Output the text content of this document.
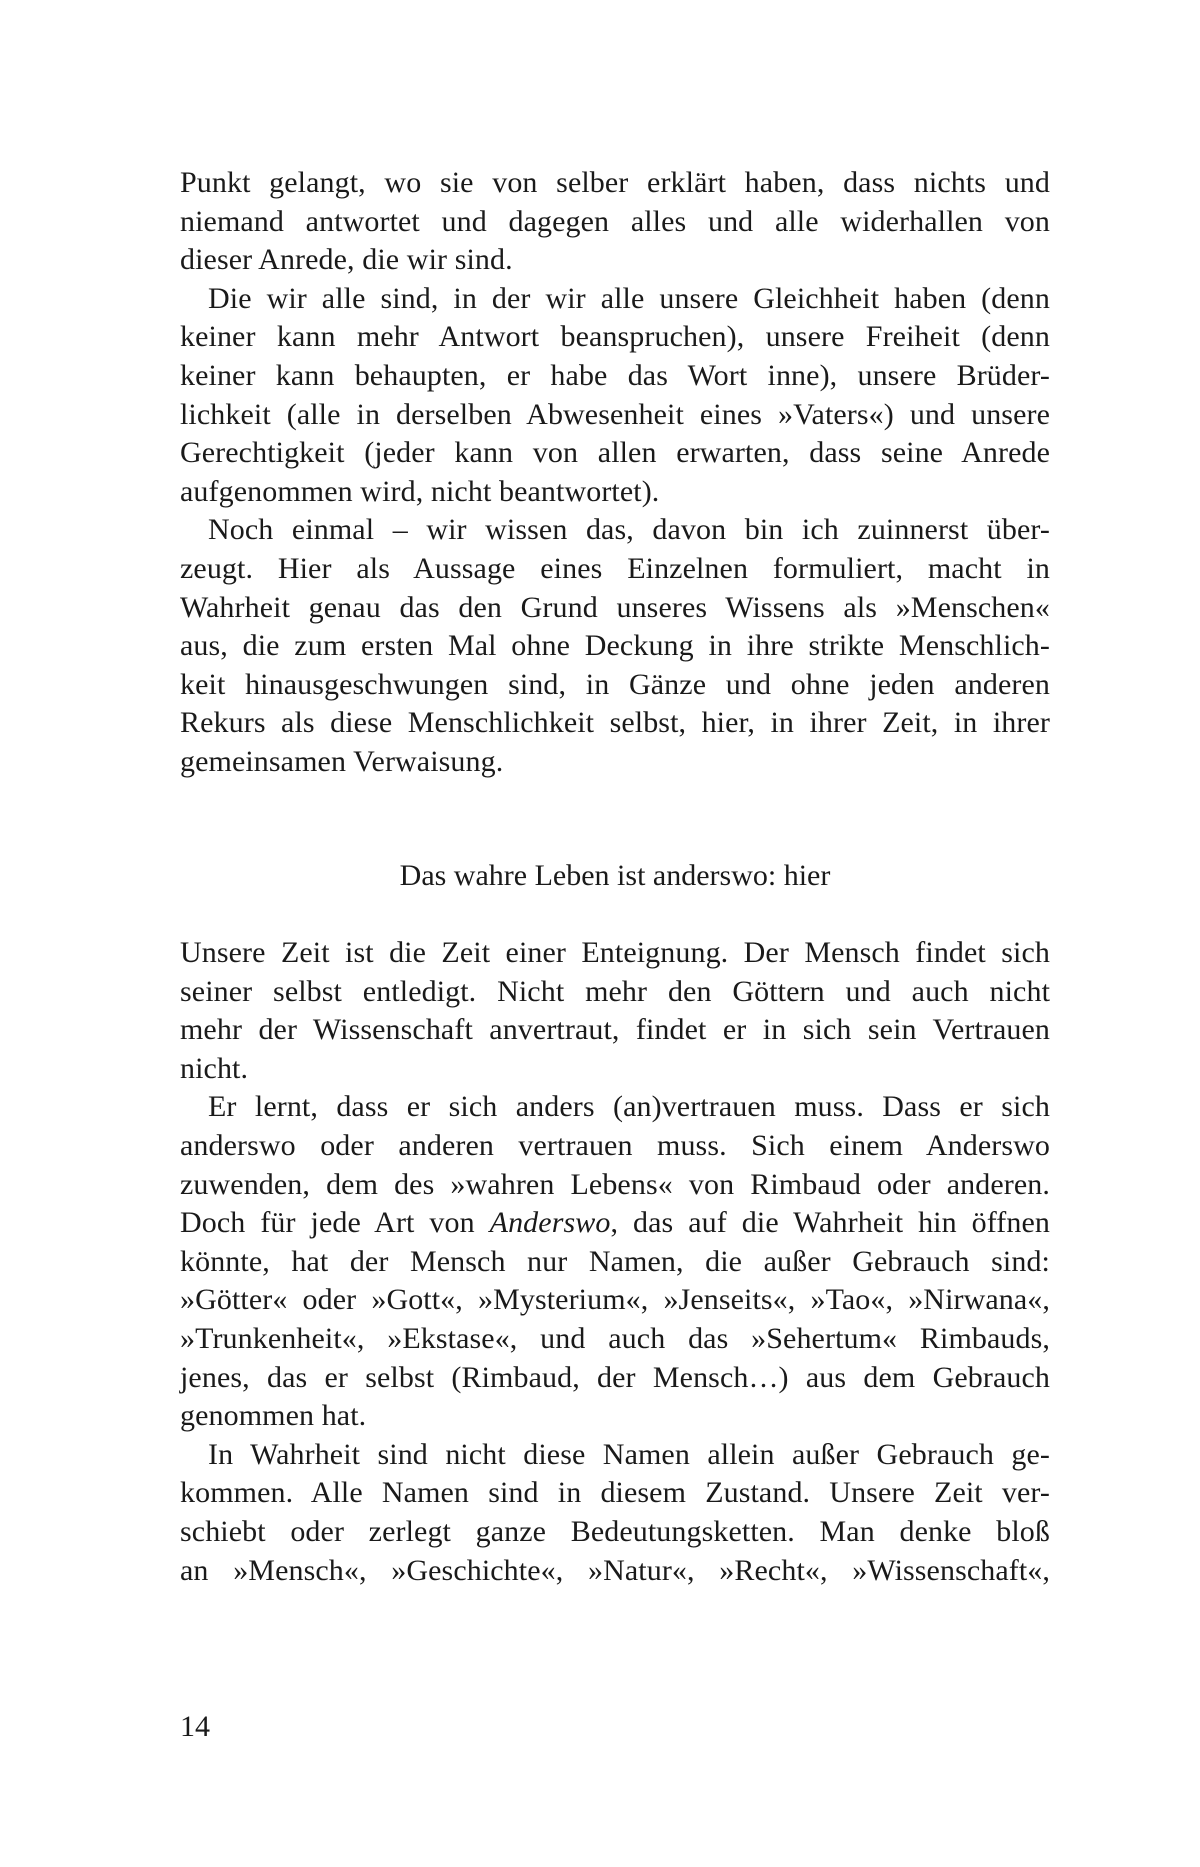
Punkt gelangt, wo sie von selber erklärt haben, dass nichts und
niemand antwortet und dagegen alles und alle widerhallen von
dieser Anrede, die wir sind.
Die wir alle sind, in der wir alle unsere Gleichheit haben (denn
keiner kann mehr Antwort beanspruchen), unsere Freiheit (denn
keiner kann behaupten, er habe das Wort inne), unsere Brüder-
lichkeit (alle in derselben Abwesenheit eines »Vaters«) und unsere
Gerechtigkeit (jeder kann von allen erwarten, dass seine Anrede
aufgenommen wird, nicht beantwortet).
Noch einmal – wir wissen das, davon bin ich zuinnerst über-
zeugt. Hier als Aussage eines Einzelnen formuliert, macht in
Wahrheit genau das den Grund unseres Wissens als »Menschen«
aus, die zum ersten Mal ohne Deckung in ihre strikte Menschlich-
keit hinausgeschwungen sind, in Gänze und ohne jeden anderen
Rekurs als diese Menschlichkeit selbst, hier, in ihrer Zeit, in ihrer
gemeinsamen Verwaisung.
Das wahre Leben ist anderswo: hier
Unsere Zeit ist die Zeit einer Enteignung. Der Mensch findet sich
seiner selbst entledigt. Nicht mehr den Göttern und auch nicht
mehr der Wissenschaft anvertraut, findet er in sich sein Vertrauen
nicht.
Er lernt, dass er sich anders (an)vertrauen muss. Dass er sich
anderswo oder anderen vertrauen muss. Sich einem Anderswo
zuwenden, dem des »wahren Lebens« von Rimbaud oder anderen.
Doch für jede Art von Anderswo, das auf die Wahrheit hin öffnen
könnte, hat der Mensch nur Namen, die außer Gebrauch sind:
»Götter« oder »Gott«, »Mysterium«, »Jenseits«, »Tao«, »Nirwana«,
»Trunkenheit«, »Ekstase«, und auch das »Sehertum« Rimbauds,
jenes, das er selbst (Rimbaud, der Mensch…) aus dem Gebrauch
genommen hat.
In Wahrheit sind nicht diese Namen allein außer Gebrauch ge-
kommen. Alle Namen sind in diesem Zustand. Unsere Zeit ver-
schiebt oder zerlegt ganze Bedeutungsketten. Man denke bloß
an »Mensch«, »Geschichte«, »Natur«, »Recht«, »Wissenschaft«,
14
